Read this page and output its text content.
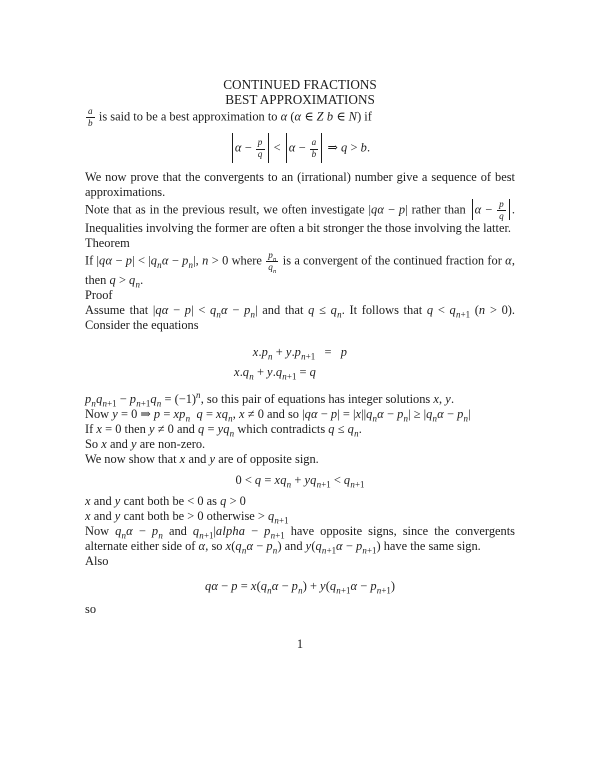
CONTINUED FRACTIONS
BEST APPROXIMATIONS

$\frac{a}{b}$ is said to be a best approximation to α (α ∈ Z b ∈ N) if

$\alpha - \frac{p}{q} < \alpha - \frac{a}{b}$ ⇒ q > b.

We now prove that the convergents to an (irrational) number give a sequence of best approximations.

Note that as in the previous result, we often investigate |qα − p| rather than $\alpha - \frac{p}{q}$ . Inequalities involving the former are often a bit stronger the those involving the latter.

Theorem

If $|q\alpha - p| < |q_n\alpha - p_n|$, n > 0 where $\frac{p_n}{q_n}$ is a convergent of the continued fraction for α, then $q > q_n$.

Proof

Assume that $|q\alpha - p| < q_n\alpha - p_n|$ and that $q \le q_n$. It follows that $q < q_{n+1}$ (n > 0). Consider the equations

$x.p_n + y.p_{n+1} = p$
$x.q_n + y.q_{n+1} = q$

$p_nq_{n+1} - p_{n+1}q_n = (-1)^n$, so this pair of equations has integer solutions x, y.

Now y = 0 ⇒ $p = xp_n$ $q = xq_n$, x ≠ 0 and so $|q\alpha - p| = |x||q_n\alpha - p_n| \ge |q_n\alpha - p_n|$

If x = 0 then y ≠ 0 and $q = yq_n$ which contradicts $q \le q_n$.

So x and y are non-zero.

We now show that x and y are of opposite sign.

$0 < q = xq_n + yq_{n+1} < q_{n+1}$

x and y cant both be < 0 as q > 0

x and y cant both be > 0 otherwise > $q_{n+1}$

Now $q_n\alpha - p_n$ and $q_{n+1}|alpha - p_{n+1}$ have opposite signs, since the convergents alternate either side of α, so $x(q_n\alpha - p_n)$ and $y(q_{n+1}\alpha - p_{n+1})$ have the same sign.

Also

$q\alpha - p = x(q_n\alpha - p_n) + y(q_{n+1}\alpha - p_{n+1})$

so

1
